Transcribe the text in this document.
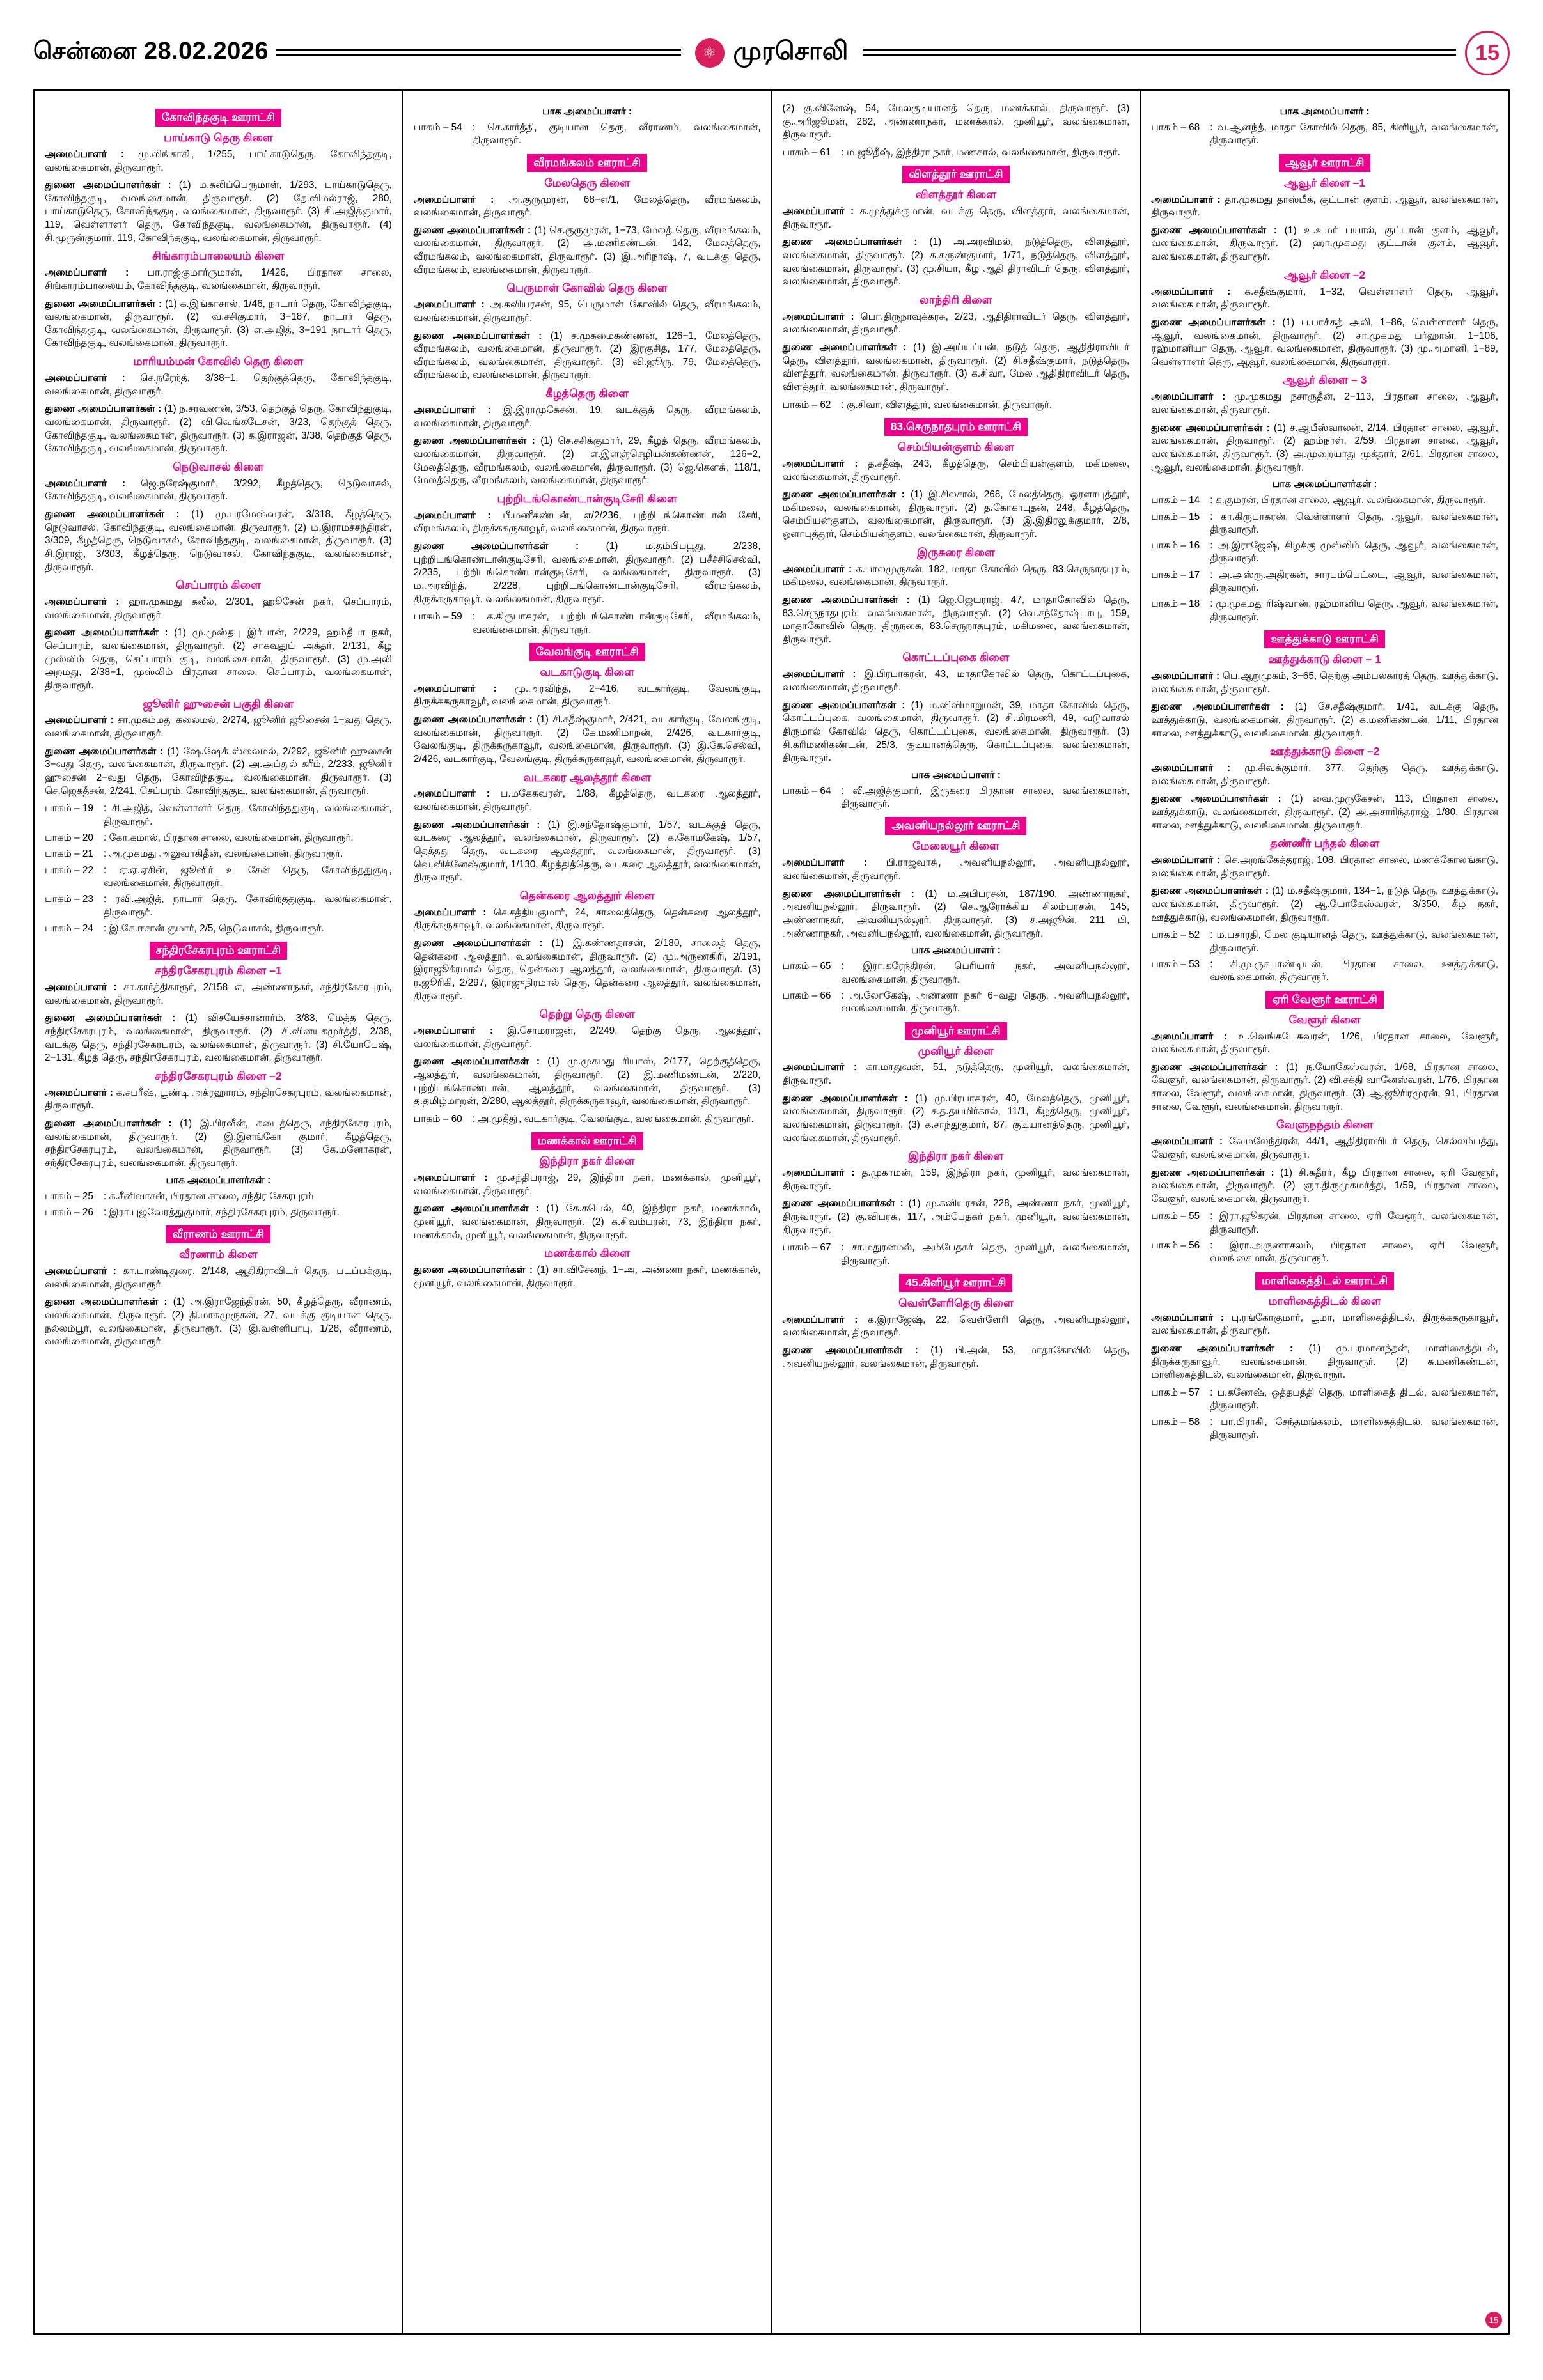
சென்னை 28.02.2026	⚛ முரசொலி	15
கோவிந்தகுடி ஊராட்சி
பாய்காடு தெரு கிளை

அமைப்பாளர் : மு.லிங்காகி், 1/255, பாய்காடுதெரு, கோவிந்தகுடி, வலங்கைமான், திருவாரூர்.

துணை அமைப்பாளர்கள் : (1) ம.சுலிப்பெருமாள், 1/293, பாய்காடுதெரு, கோவிந்தகுடி, வலங்கைமான், திருவாரூர். (2) தே.விமல்ராஜ், 280, பாய்காடுதெரு, கோவிந்தகுடி, வலங்கைமான், திருவாரூர். (3) சி.அஜித்குமார், 119, வெள்ளாளர் தெரு, கோவிந்தகுடி, வலங்கைமான், திருவாரூர். (4) சி.முருன்குமார், 119, கோவிந்தகுடி, வலங்கைமான், திருவாரூர்.

சிங்காரம்பாலையம் கிளை

அமைப்பாளர் : பா.ராஜ்குமார்ருமான், 1/426, பிரதான சாலை, சிங்காரம்பாலையம், கோவிந்தகுடி, வலங்கைமான், திருவாரூர்.

துணை அமைப்பாளர்கள் : (1) க.இங்காசால், 1/46, நாடார் தெரு, கோவிந்தகுடி, வலங்கைமான், திருவாரூர். (2) வ.சசிகுமார், 3−187, நாடார் தெரு, கோவிந்தகுடி, வலங்கைமான், திருவாரூர். (3) எ.அஜித், 3−191 நாடார் தெரு, கோவிந்தகுடி, வலங்கைமான், திருவாரூர்.

மாரியம்மன் கோவில் தெரு கிளை

அமைப்பாளர் : செ.நரேந்த், 3/38−1, தெற்குத்தெரு, கோவிந்தகுடி, வலங்கைமான், திருவாரூர்.

துணை அமைப்பாளர்கள் : (1) ந.சரவணன், 3/53, தெற்குத் தெரு, கோவிந்துகுடி, வலங்கைமான், திருவாரூர். (2) வி.வெங்கடேசன், 3/23, தெற்குத் தெரு, கோவிந்தகுடி, வலங்கைமான், திருவாரூர். (3) க.இராஜன், 3/38, தெற்குத் தெரு, கோவிந்தகுடி, வலங்கைமான், திருவாரூர்.

நெடுவாசல் கிளை

அமைப்பாளர் : ஜெ.நரேஷ்குமார், 3/292, கீழத்தெரு, நெடுவாசல், கோவிந்தகுடி, வலங்கைமான், திருவாரூர்.

துணை அமைப்பாளர்கள் : (1) மு.பரமேஷ்வரன், 3/318, கீழத்தெரு, நெடுவாசல், கோவிந்தகுடி, வலங்கைமான், திருவாரூர். (2) ம.இராமச்சந்திரன், 3/309, கீழத்தெரு, நெடுவாசல், கோவிந்தகுடி, வலங்கைமான், திருவாரூர். (3) சி.இராஜ், 3/303, கீழத்தெரு, நெடுவாசல், கோவிந்தகுடி, வலங்கைமான், திருவாரூர்.

செப்பாரம் கிளை

அமைப்பாளர் : ஹா.முகமது கலீல், 2/301, ஹூசேன் நகர், செப்பாரம், வலங்கைமான், திருவாரூர்.

துணை அமைப்பாளர்கள் : (1) மு.முஸ்தபு இர்பான், 2/229, ஹம்தீபா நகர், செப்பாரம், வலங்கைமான், திருவாரூர். (2) சாகவுதுப் அக்தர், 2/131, கீழ முஸ்லிம் தெரு, செப்பாரம் குடி, வலங்கைமான், திருவாரூர். (3) மு.அலி அறமது, 2/38−1, முஸ்லிம் பிரதான சாலை, செப்பாரம், வலங்கைமான், திருவாரூர்.

ஜூனிர் ஹுசைன் பகுதி கிளை

அமைப்பாளர் : சா.முகம்மது கலைமல், 2/274, ஜூனிர் ஜூசைன் 1−வது தெரு, வலங்கைமான், திருவாரூர்.

துணை அமைப்பாளர்கள் : (1) ஷே.ஷேக் ஸ்லைமல், 2/292, ஜூனிர் ஹுசைன் 3−வது தெரு, வலங்கைமான், திருவாரூர். (2) அ.அப்துல் கரீம், 2/233, ஜூனிர் ஹுசைன் 2−வது தெரு, கோவிந்தகுடி, வலங்கைமான், திருவாரூர். (3) செ.ஜெகதீசன், 2/241, செப்பரம், கோவிந்தகுடி, வலங்கைமான், திருவாரூர்.

பாகம் – 19	: சி.அஜித், வெள்ளாளர் தெரு, கோவிந்ததுகுடி, வலங்கைமான், திருவாரூர்.
பாகம் – 20	: கோ.கமால், பிரதான சாலை, வலங்கைமான், திருவாரூர்.
பாகம் – 21	: அ.முகமது அலுவாகிதீன், வலங்கைமான், திருவாரூர்.
பாகம் – 22	: ஏ.ஏ.ஏசின், ஜூனிர் உ சேன் தெரு, கோவிந்ததுகுடி, வலங்கைமான், திருவாரூர்.
பாகம் – 23	: ரவி.அஜித், நாடார் தெரு, கோவிந்ததுகுடி, வலங்கைமான், திருவாரூர்.
பாகம் – 24	: இ.கே.ஈசான் குமார், 2/5, நெடுவாசல், திருவாரூர்.
சந்திரசேகரபுரம் ஊராட்சி
சந்திரசேகரபுரம் கிளை –1

அமைப்பாளர் : சா.கார்த்திகாரூர், 2/158 எ, அண்ணாநகர், சந்திரசேகரபுரம், வலங்கைமான், திருவாரூர்.

துணை அமைப்பாளர்கள் : (1) விசயேச்சானார்ம், 3/83, மெத்த தெரு, சந்திரசேகரபுரம், வலங்கைமான், திருவாரூர். (2) சி.வினயகமுர்த்தி, 2/38, வடக்கு தெரு, சந்திரசேகரபுரம், வலங்கைமான், திருவாரூர். (3) சி.யோபேஷ், 2−131, கீழத் தெரு, சந்திரசேகரபுரம், வலங்கைமான், திருவாரூர்.

சந்திரசேகரபுரம் கிளை –2

அமைப்பாளர் : க.சபரீஷ், பூண்டி அக்ரஹாரம், சந்திரசேகரபுரம், வலங்கைமான், திருவாரூர்.

துணை அமைப்பாளர்கள் : (1) இ.பிரவீன், கடைத்தெரு, சந்திரசேகரபுரம், வலங்கைமான், திருவாரூர். (2) இ.இளங்கோ குமார், கீழத்தெரு, சந்திரசேகரபுரம், வலங்கைமான், திருவாரூர். (3) கே.மனோகரன், சந்திரசேகரபுரம், வலங்கைமான், திருவாரூர்.

பாக அமைப்பாளர்கள் :
பாகம் – 25	: க.சீனிவாசன், பிரதான சாலை, சந்திர சேகரபுரம்
பாகம் – 26	: இரா.புஜவேரத்துகுமார், சந்திரசேகரபுரம், திருவாரூர்.
வீராணம் ஊராட்சி
வீரணாம் கிளை

அமைப்பாளர் : கா.பாண்டிதுரை, 2/148, ஆதிதிராவிடர் தெரு, படப்பக்குடி, வலங்கைமான், திருவாரூர்.

துணை அமைப்பாளர்கள் : (1) அ.இராஜேந்திரன், 50, கீழத்தெரு, வீராணம், வலங்கைமான், திருவாரூர். (2) தி.மாசுமுருகன், 27, வடக்கு குடியான தெரு, நல்லம்பூர், வலங்கைமான், திருவாரூர். (3) இ.வள்ளிபாபு, 1/28, வீராணம், வலங்கைமான், திருவாரூர்.

பாக அமைப்பாளர் :
பாகம் – 54	: செ.கார்த்தி, குடியான தெரு, வீராணம், வலங்கைமான், திருவாரூர்.
வீரமங்கலம் ஊராட்சி
மேலதெரு கிளை

அமைப்பாளர் : அ.குருமுரன், 68−எ/1, மேலத்தெரு, வீரமங்கலம், வலங்கைமான், திருவாரூர்.

துணை அமைப்பாளர்கள் : (1) செ.குருமுரன், 1−73, மேலத் தெரு, வீரமங்கலம், வலங்கைமான், திருவாரூர். (2) அ.மணிகண்டன், 142, மேலத்தெரு, வீரமங்கலம், வலங்கைமான், திருவாரூர். (3) இ.அரிநாஷ், 7, வடக்கு தெரு, வீரமங்கலம், வலங்கைமான், திருவாரூர்.

பெருமாள் கோவில் தெரு கிளை

அமைப்பாளர் : அ.கவியரசன், 95, பெருமாள் கோவில் தெரு, வீரமங்கலம், வலங்கைமான், திருவாரூர்.

துணை அமைப்பாளர்கள் : (1) ச.முகமைகண்ணன், 126−1, மேலத்தெரு, வீரமங்கலம், வலங்கைமான், திருவாரூர். (2) இரகுசித், 177, மேலத்தெரு, வீரமங்கலம், வலங்கைமான், திருவாரூர். (3) வி.ஜூரு, 79, மேலத்தெரு, வீரமங்கலம், வலங்கைமான், திருவாரூர்.

கீழத்தெரு கிளை

அமைப்பாளர் : இ.இராமுகேசன், 19, வடக்குத் தெரு, வீரமங்கலம், வலங்கைமான், திருவாரூர்.

துணை அமைப்பாளர்கள் : (1) செ.சசிக்குமார், 29, கீழத் தெரு, வீரமங்கலம், வலங்கைமான், திருவாரூர். (2) எ.இளஞ்செழியன்கண்ணன், 126−2, மேலத்தெரு, வீரமங்கலம், வலங்கைமான், திருவாரூர். (3) ஜெ.கௌசு், 118/1, மேலத்தெரு, வீரமங்கலம், வலங்கைமான், திருவாரூர்.

புற்றிடங்கொண்டான்குடிசேரி கிளை

அமைப்பாளர் : பீ.மணீகண்டன், எ/2/236, புற்றிடங்கொண்டான் சேரி, வீரமங்கலம், திருக்ககருகாவூர், வலங்கைமான், திருவாரூர்.

துணை அமைப்பாளர்கள் :	(1) ம.தம்பிபபூது, 2/238, புற்றிடங்கொண்டான்குடிசேரி, வலங்கைமான், திருவாரூர். (2) பசீச்சிசெல்வி, 2/235, புற்றிடங்கொண்டான்குடிசேரி, வலங்கைமான், திருவாரூர். (3) ம.அரவிந்த், 2/228, புற்றிடங்கொண்டான்குடிசேரி, வீரமங்கலம், திருக்கருகாவூர், வலங்கைமான், திருவாரூர்.

பாகம் – 59	: க.கிருபாகரன், புற்றிடங்கொண்டான்குடிசேரி, வீரமங்கலம், வலங்கைமான், திருவாரூர்.
வேலங்குடி ஊராட்சி
வடகாடுகுடி கிளை

அமைப்பாளர் : மு.அரவிந்த், 2−416, வடகார்குடி, வேலங்குடி, திருக்ககருகாவூர், வலங்கைமான், திருவாரூர்.

துணை அமைப்பாளர்கள் : (1) சி.சதீஷ்குமார், 2/421, வடகார்குடி, வேலங்குடி, வலங்கைமான், திருவாரூர். (2) கே.மணிமாறன், 2/426, வடகார்குடி, வேலங்குடி, திருக்கருகாவூர், வலங்கைமான், திருவாரூர். (3) இ.கே.செல்வி, 2/426, வடகார்குடி, வேலங்குடி, திருக்கருகாவூர், வலங்கைமான், திருவாரூர்.

வடகரை ஆலத்தூர் கிளை

அமைப்பாளர் : ப.மகேசுவரன், 1/88, கீழத்தெரு, வடகரை ஆலத்தூர், வலங்கைமான், திருவாரூர்.

துணை அமைப்பாளர்கள் : (1) இ.சந்தோஷ்குமார், 1/57, வடக்குத் தெரு, வடகரை ஆலத்தூர், வலங்கைமான், திருவாரூர். (2) க.கோமகேஷ், 1/57, தெத்தது தெரு, வடகரை ஆலத்தூர், வலங்கைமான், திருவாரூர். (3) வெ.விக்னேஷ்குமார், 1/130, கீழத்தித்தெரு, வடகரை ஆலத்தூர், வலங்கைமான், திருவாரூர்.

தென்கரை ஆலத்தூர் கிளை

அமைப்பாளர் : செ.சத்தியகுமார், 24, சாலைத்தெரு, தென்கரை ஆலத்தூர், திருக்கருகாவூர், வலங்கைமான், திருவாரூர்.

துணை அமைப்பாளர்கள் : (1) இ.கண்ணதாசன், 2/180, சாலைத் தெரு, தென்கரை ஆலத்தூர், வலங்கைமான், திருவாரூர். (2) மு.அருணகிரி, 2/191, இராஜூக்ரமால் தெரு, தென்கரை ஆலத்தூர், வலங்கைமான், திருவாரூர். (3) ர.ஜூரிகி, 2/297, இராஜுநிரமால் தெரு, தென்கரை ஆலத்தூர், வலங்கைமான், திருவாரூர்.

தெற்று தெரு கிளை

அமைப்பாளர் : இ.சோமராஜன், 2/249, தெற்கு தெரு, ஆலத்தூர், வலங்கைமான், திருவாரூர்.

துணை அமைப்பாளர்கள் : (1) மு.முகமது ரியாஸ், 2/177, தெற்குத்தெரு, ஆலத்தூர், வலங்கைமான், திருவாரூர். (2) இ.மணிமண்டன், 2/220, புற்றிடங்கொண்டான், ஆலத்தூர், வலங்கைமான், திருவாரூர். (3) த.தமிழ்மாறன், 2/280, ஆலத்தூர், திருக்கருகாவூர், வலங்கைமான், திருவாரூர்.

பாகம் – 60	: அ.முதீது், வடகார்குடி, வேலங்குடி, வலங்கைமான், திருவாரூர்.
மணக்கால் ஊராட்சி
இந்திரா நகர் கிளை

அமைப்பாளர் : மு.சந்திபராஜ், 29, இந்திரா நகர், மணக்கால், முனியூர், வலங்கைமான், திருவாரூர்.

துணை அமைப்பாளர்கள் : (1) கே.கபெல், 40, இந்திரா நகர், மணக்கால், முனியூர், வலங்கைமான், திருவாரூர். (2) க.சிவம்பரன், 73, இந்திரா நகர், மணக்கால், முனியூர், வலங்கைமான், திருவாரூர்.

மணக்கால் கிளை

துணை அமைப்பாளர்கள் : (1) சா.விசேனந், 1−அ, அண்ணா நகர், மணக்கால், முனியூர், வலங்கைமான், திருவாரூர்.

(2) கு.வினேஷ், 54, மேலகுடியானத் தெரு, மணக்கால், திருவாரூர். (3) கு.அரிஜூமன், 282, அண்ணாநகர், மணக்கால், முனியூர், வலங்கைமான், திருவாரூர்.

பாகம் – 61	: ம.ஜூதீஷ், இந்திரா நகர், மணகால், வலங்கைமான், திருவாரூர்.
விளத்தூர் ஊராட்சி
விளத்தூர் கிளை

அமைப்பாளர் : க.முத்துக்குமான், வடக்கு தெரு, விளத்தூர், வலங்கைமான், திருவாரூர்.

துணை அமைப்பாளர்கள் : (1) அ.அரவிமல், நடுத்தெரு, விளத்தூர், வலங்கைமான், திருவாரூர். (2) க.கருண்குமார், 1/71, நடுத்தெரு, விளத்தூர், வலங்கைமான், திருவாரூர். (3) மு.சியா, கீழ ஆதி திராவிடர் தெரு, விளத்தூர், வலங்கைமான், திருவாரூர்.

லாந்திரி கிளை

அமைப்பாளர் : பொ.திருநாவுக்கரசு, 2/23, ஆதிதிராவிடர் தெரு, விளத்தூர், வலங்கைமான், திருவாரூர்.

துணை அமைப்பாளர்கள் : (1) இ.அய்யப்பன், நடுத் தெரு, ஆதிதிராவிடர் தெரு, விளத்தூர், வலங்கைமான், திருவாரூர். (2) சி.சதீஷ்குமார், நடுத்தெரு, விளத்தூர், வலங்கைமான், திருவாரூர். (3) க.சிவா, மேல ஆதிதிராவிடர் தெரு, விளத்தூர், வலங்கைமான், திருவாரூர்.

பாகம் – 62	: கு.சிவா, விளத்தூர், வலங்கைமான், திருவாரூர்.
83.செருநாதபுரம் ஊராட்சி
செம்பியன்குளம் கிளை

அமைப்பாளர் : த.சதீஷ், 243, கீழத்தெரு, செம்பியன்குளம், மகிமலை, வலங்கைமான், திருவாரூர்.

துணை அமைப்பாளர்கள் : (1) இ.சிலசால், 268, மேலத்தெரு, ஓரளாபுத்தூர், மகிமலை, வலங்கைமான், திருவாரூர். (2) த.கோகாபுதன், 248, கீழத்தெரு, செம்பியன்குளம், வலங்கைமான், திருவாரூர். (3) இ.இதிரலுக்குமார், 2/8, ஓளாபுத்தூர், செம்பியன்குளம், வலங்கைமான், திருவாரூர்.

இருசுரை கிளை

அமைப்பாளர் : க.பாலமுருகன், 182, மாதா கோவில் தெரு, 83.செருநாதபுரம், மகிமலை, வலங்கைமான், திருவாரூர்.

துணை அமைப்பாளர்கள் : (1) ஜெ.ஜெயராஜ், 47, மாதாகோவில் தெரு, 83.செருநாதபுரம், வலங்கைமான், திருவாரூர். (2) வெ.சந்தோஷ்பாபு, 159, மாதாகோவில் தெரு, திருநகை, 83.செருநாதபுரம், மகிமலை, வலங்கைமான், திருவாரூர்.

கொட்டப்புகை கிளை

அமைப்பாளர் : இ.பிரபாகரன், 43, மாதாகோவில் தெரு, கொட்டப்புகை, வலங்கைமான், திருவாரூர்.

துணை அமைப்பாளர்கள் : (1) ம.விவிமாறுமன், 39, மாதா கோவில் தெரு, கொட்டப்புகை, வலங்கைமான், திருவாரூர். (2) சி.மிரமணி, 49, வடுவாசல் திருமால் கோவில் தெரு, கொட்டப்புகை, வலங்கைமான், திருவாரூர். (3) சி.கரிமணிகண்டன், 25/3, குடியானத்தெரு, கொட்டப்புகை, வலங்கைமான், திருவாரூர்.

பாக அமைப்பாளர் :
பாகம் – 64	: வீ.அஜித்குமார், இருகரை பிரதான சாலை, வலங்கைமான், திருவாரூர்.
அவனியநல்லூர் ஊராட்சி
மேலையூர் கிளை

அமைப்பாளர் : பி.ராஜவாசு், அவனியநல்லூர், அவனியநல்லூர், வலங்கைமான், திருவாரூர்.

துணை அமைப்பாளர்கள் : (1) ம.அபிபரசன், 187/190, அண்ணாநகர், அவனியநல்லூர், திருவாரூர். (2) செ.ஆரோக்கிய சிலம்பரசன், 145, அண்ணாநகர், அவனியநல்லூர், திருவாரூர். (3) ச.அஜூன், 211 பி, அண்ணாநகர், அவனியநல்லூர், வலங்கைமான், திருவாரூர்.

பாக அமைப்பாளர் :
பாகம் – 65	: இரா.கரேந்திரன், பெரியாா் நகர், அவனியநல்லூர், வலங்கைமான், திருவாரூர்.
பாகம் – 66	: அ.லோகேஷ், அண்ணா நகர் 6−வது தெரு, அவனியநல்லூர், வலங்கைமான், திருவாரூர்.
முனியூர் ஊராட்சி
முனியூர் கிளை

அமைப்பாளர் : கா.மாதுவன், 51, நடுத்தெரு, முனியூர், வலங்கைமான், திருவாரூர்.

துணை அமைப்பாளர்கள் : (1) மு.பிரபாகரன், 40, மேலத்தெரு, முனியூர், வலங்கைமான், திருவாரூர். (2) ச.த.தயமிர்கால், 11/1, கீழத்தெரு, முனியூர், வலங்கைமான், திருவாரூர். (3) க.சாந்துகுமார், 87, குடியானத்தெரு, முனியூர், வலங்கைமான், திருவாரூர்.

இந்திரா நகர் கிளை

அமைப்பாளர் : த.முகாமன், 159, இந்திரா நகர், முனியூர், வலங்கைமான், திருவாரூர்.

துணை அமைப்பாளர்கள் : (1) மு.கவியரசன், 228, அண்ணா நகர், முனியூர், திருவாரூர். (2) கு.விபரசு், 117, அம்பேதகர் நகர், முனியூர், வலங்கைமான், திருவாரூர்.

பாகம் – 67	: சா.மதுரனமல், அம்பேதகர் தெரு, முனியூர், வலங்கைமான், திருவாரூர்.
45.கிளியூர் ஊராட்சி
வெள்ளேரிதெரு கிளை

அமைப்பாளர் : க.இராஜேஷ், 22, வெள்ளேரி தெரு, அவனியநல்லூர், வலங்கைமான், திருவாரூர்.

துணை அமைப்பாளர்கள் : (1) பி.அன், 53, மாதாகோவில் தெரு, அவனியநல்லூர், வலங்கைமான், திருவாரூர்.

பாக அமைப்பாளர் :
பாகம் – 68	: வ.ஆனந்த், மாதா கோவில் தெரு, 85, கிளியூர், வலங்கைமான், திருவாரூர்.
ஆவூர் ஊராட்சி
ஆவூர் கிளை –1

அமைப்பாளர் : தா.முகமது தாஸ்மீக், குட்டான் குளம், ஆவூர், வலங்கைமான், திருவாரூர்.

துணை அமைப்பாளர்கள் : (1) உ.உமர் பயால், குட்டான் குளம், ஆவூர், வலங்கைமான், திருவாரூர். (2) ஹா.முகமது குட்டான் குளம், ஆவூர், வலங்கைமான், திருவாரூர்.

ஆவூர் கிளை –2

அமைப்பாளர் : க.சதீஷ்குமார், 1−32, வெள்ளாளர் தெரு, ஆவூர், வலங்கைமான், திருவாரூர்.

துணை அமைப்பாளர்கள் : (1) ப.பாக்கத் அலி, 1−86, வெள்ளாளர் தெரு, ஆவூர், வலங்கைமான், திருவாரூர். (2) சா.முகமது பர்ஹான், 1−106, ரஹ்மானியா தெரு, ஆவூர், வலங்கைமான், திருவாரூர். (3) மு.அமானி, 1−89, வெள்ளாளர் தெரு, ஆவூர், வலங்கைமான், திருவாரூர்.

ஆவூர் கிளை – 3

அமைப்பாளர் : மு.முகமது நசாருதீன், 2−113, பிரதான சாலை, ஆவூர், வலங்கைமான், திருவாரூர்.

துணை அமைப்பாளர்கள் : (1) ச.ஆபீஸ்வாலன், 2/14, பிரதான சாலை, ஆவூர், வலங்கைமான், திருவாரூர். (2) ஹம்நாள், 2/59, பிரதான சாலை, ஆவூர், வலங்கைமான், திருவாரூர். (3) அ.முறையாது முக்தார், 2/61, பிரதான சாலை, ஆவூர், வலங்கைமான், திருவாரூர்.

பாக அமைப்பாளர்கள் :
பாகம் – 14	: க.குமரன், பிரதான சாலை, ஆவூர், வலங்கைமான், திருவாரூர்.
பாகம் – 15	: கா.கிருபாகரன், வெள்ளாளர் தெரு, ஆவூர், வலங்கைமான், திருவாரூர்.
பாகம் – 16	: அ.இராஜேஷ், கிழக்கு முஸ்லிம் தெரு, ஆவூர், வலங்கைமான், திருவாரூர்.
பாகம் – 17	: அ.அஸ்ரு.அதிரகன், சாரபம்பெட்டை, ஆவூர், வலங்கைமான், திருவாரூர்.
பாகம் – 18	: மு.முகமது ரிஷ்வான், ரஹ்மானிய தெரு, ஆவூர், வலங்கைமான், திருவாரூர்.
ஊத்துக்காடு ஊராட்சி
ஊத்துக்காடு கிளை – 1

அமைப்பாளர் : பெ.ஆறுமுகம், 3−65, தெற்கு அம்பலகாரத் தெரு, ஊத்துக்காடு, வலங்கைமான், திருவாரூர்.

துணை அமைப்பாளர்கள் : (1) சே.சதீஷ்குமார், 1/41, வடக்கு தெரு, ஊத்துக்காடு, வலங்கைமான், திருவாரூர். (2) க.மணிகண்டன், 1/11, பிரதான சாலை, ஊத்துக்காடு, வலங்கைமான், திருவாரூர்.

ஊத்துக்காடு கிளை –2

அமைப்பாளர் : மு.சிவக்குமார், 377, தெற்கு தெரு, ஊத்துக்காடு, வலங்கைமான், திருவாரூர்.

துணை அமைப்பாளர்கள் : (1) வை.முருகேசன், 113, பிரதான சாலை, ஊத்துக்காடு, வலங்கைமான், திருவாரூர். (2) அ.அசாரிந்தராஜ், 1/80, பிரதான சாலை, ஊத்துக்காடு, வலங்கைமான், திருவாரூர்.

தண்ணீர் பந்தல் கிளை

அமைப்பாளர் : செ.அறங்கேத்தராஜ், 108, பிரதான சாலை, மணக்கோலங்காடு, வலங்கைமான், திருவாரூர்.

துணை அமைப்பாளர்கள் : (1) ம.சதீஷ்குமார், 134−1, நடுத் தெரு, ஊத்துக்காடு, வலங்கைமான், திருவாரூர். (2) ஆ.யோகேஸ்வரன், 3/350, கீழ நகர், ஊத்துக்காடு, வலங்கைமான், திருவாரூர்.

பாகம் – 52	: ம.பசாரதி, மேல குடியானத் தெரு, ஊத்துக்காடு, வலங்கைமான், திருவாரூர்.
பாகம் – 53	: சி.மு.ருகபாண்டியன், பிரதான சாலை, ஊத்துக்காடு, வலங்கைமான், திருவாரூர்.
ஏரி வேளூர் ஊராட்சி
வேளூர் கிளை

அமைப்பாளர் : உ.வெங்கடேசுவரன், 1/26, பிரதான சாலை, வேளூர், வலங்கைமான், திருவாரூர்.

துணை அமைப்பாளர்கள் : (1) ந.யோகேஸ்வரன், 1/68, பிரதான சாலை, வேளூர், வலங்கைமான், திருவாரூர். (2) வி.சக்தி வானேஸ்வரன், 1/76, பிரதான சாலை, வேளூர், வலங்கைமான், திருவாரூர். (3) ஆ.ஜூரிரமுரன், 91, பிரதான சாலை, வேளூர், வலங்கைமான், திருவாரூர்.

வேளுநந்தம் கிளை

அமைப்பாளர் : வேமலேந்திரன், 44/1, ஆதிதிராவிடர் தெரு, செல்லம்பத்து, வேளூர், வலங்கைமான், திருவாரூர்.

துணை அமைப்பாளர்கள் : (1) சி.சுதீரா், கீழ பிரதான சாலை, ஏரி வேளூர், வலங்கைமான், திருவாரூர். (2) ஞா.திருமுகமர்த்தி, 1/59, பிரதான சாலை, வேளூர், வலங்கைமான், திருவாரூர்.

பாகம் – 55	: இரா.ஜூகரன், பிரதான சாலை, ஏரி வேளூர், வலங்கைமான், திருவாரூர்.
பாகம் – 56	: இரா.அருணாசலம், பிரதான சாலை, ஏரி வேளூர், வலங்கைமான், திருவாரூர்.
மாளிகைத்திடல் ஊராட்சி
மாளிகைத்திடல் கிளை

அமைப்பாளர் : பு.ரங்கோகுமார், பூமா, மாளிகைத்திடல், திருக்ககருகாவூர், வலங்கைமான், திருவாரூர்.

துணை அமைப்பாளர்கள் : (1) மு.பரமானந்தன், மாளிகைத்திடல், திருக்கருகாவூர், வலங்கைமான், திருவாரூர். (2) சு.மணிகண்டன், மாளிகைத்திடல், வலங்கைமான், திருவாரூர்.

பாகம் – 57	: ப.கணேஷ், ஒத்தபத்தி தெரு, மாளிகைத் திடல், வலங்கைமான், திருவாரூர்.
பாகம் – 58	: பா.பிராகி், சேந்தமங்கலம், மாளிகைத்திடல், வலங்கைமான், திருவாரூர்.
15
